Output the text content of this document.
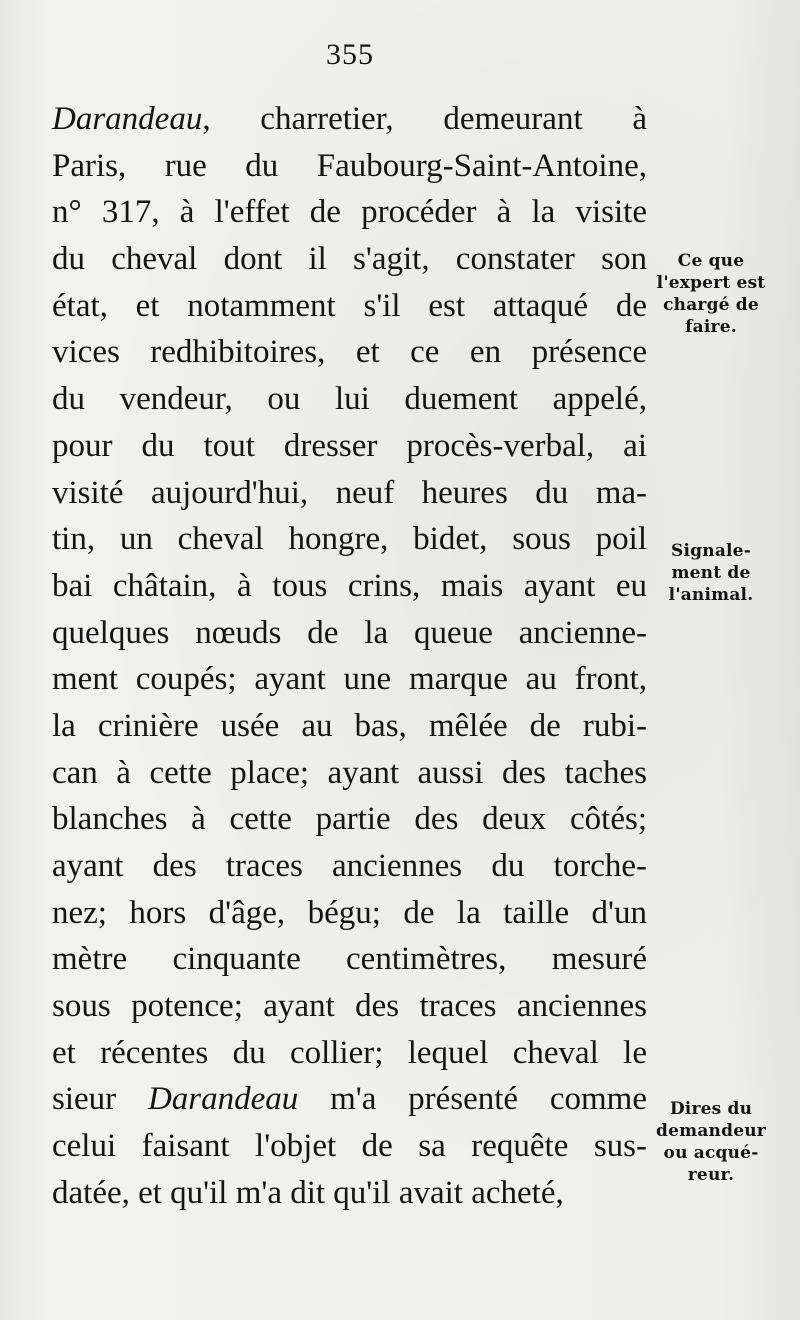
355
Darandeau, charretier, demeurant à
Paris, rue du Faubourg-Saint-Antoine,
n° 317, à l'effet de procéder à la visite
du cheval dont il s'agit, constater son
état, et notamment s'il est attaqué de
vices redhibitoires, et ce en présence
du vendeur, ou lui duement appelé,
pour du tout dresser procès-verbal, ai
visité aujourd'hui, neuf heures du ma-
tin, un cheval hongre, bidet, sous poil
bai châtain, à tous crins, mais ayant eu
quelques nœuds de la queue ancienne-
ment coupés; ayant une marque au front,
la crinière usée au bas, mêlée de rubi-
can à cette place; ayant aussi des taches
blanches à cette partie des deux côtés;
ayant des traces anciennes du torche-
nez; hors d'âge, bégu; de la taille d'un
mètre cinquante centimètres, mesuré
sous potence; ayant des traces anciennes
et récentes du collier; lequel cheval le
sieur Darandeau m'a présenté comme
celui faisant l'objet de sa requête sus-
datée, et qu'il m'a dit qu'il avait acheté,
Ce que
l'expert est
chargé de
faire.
Signale-
ment de
l'animal.
Dires du
demandeur
ou acqué-
reur.
